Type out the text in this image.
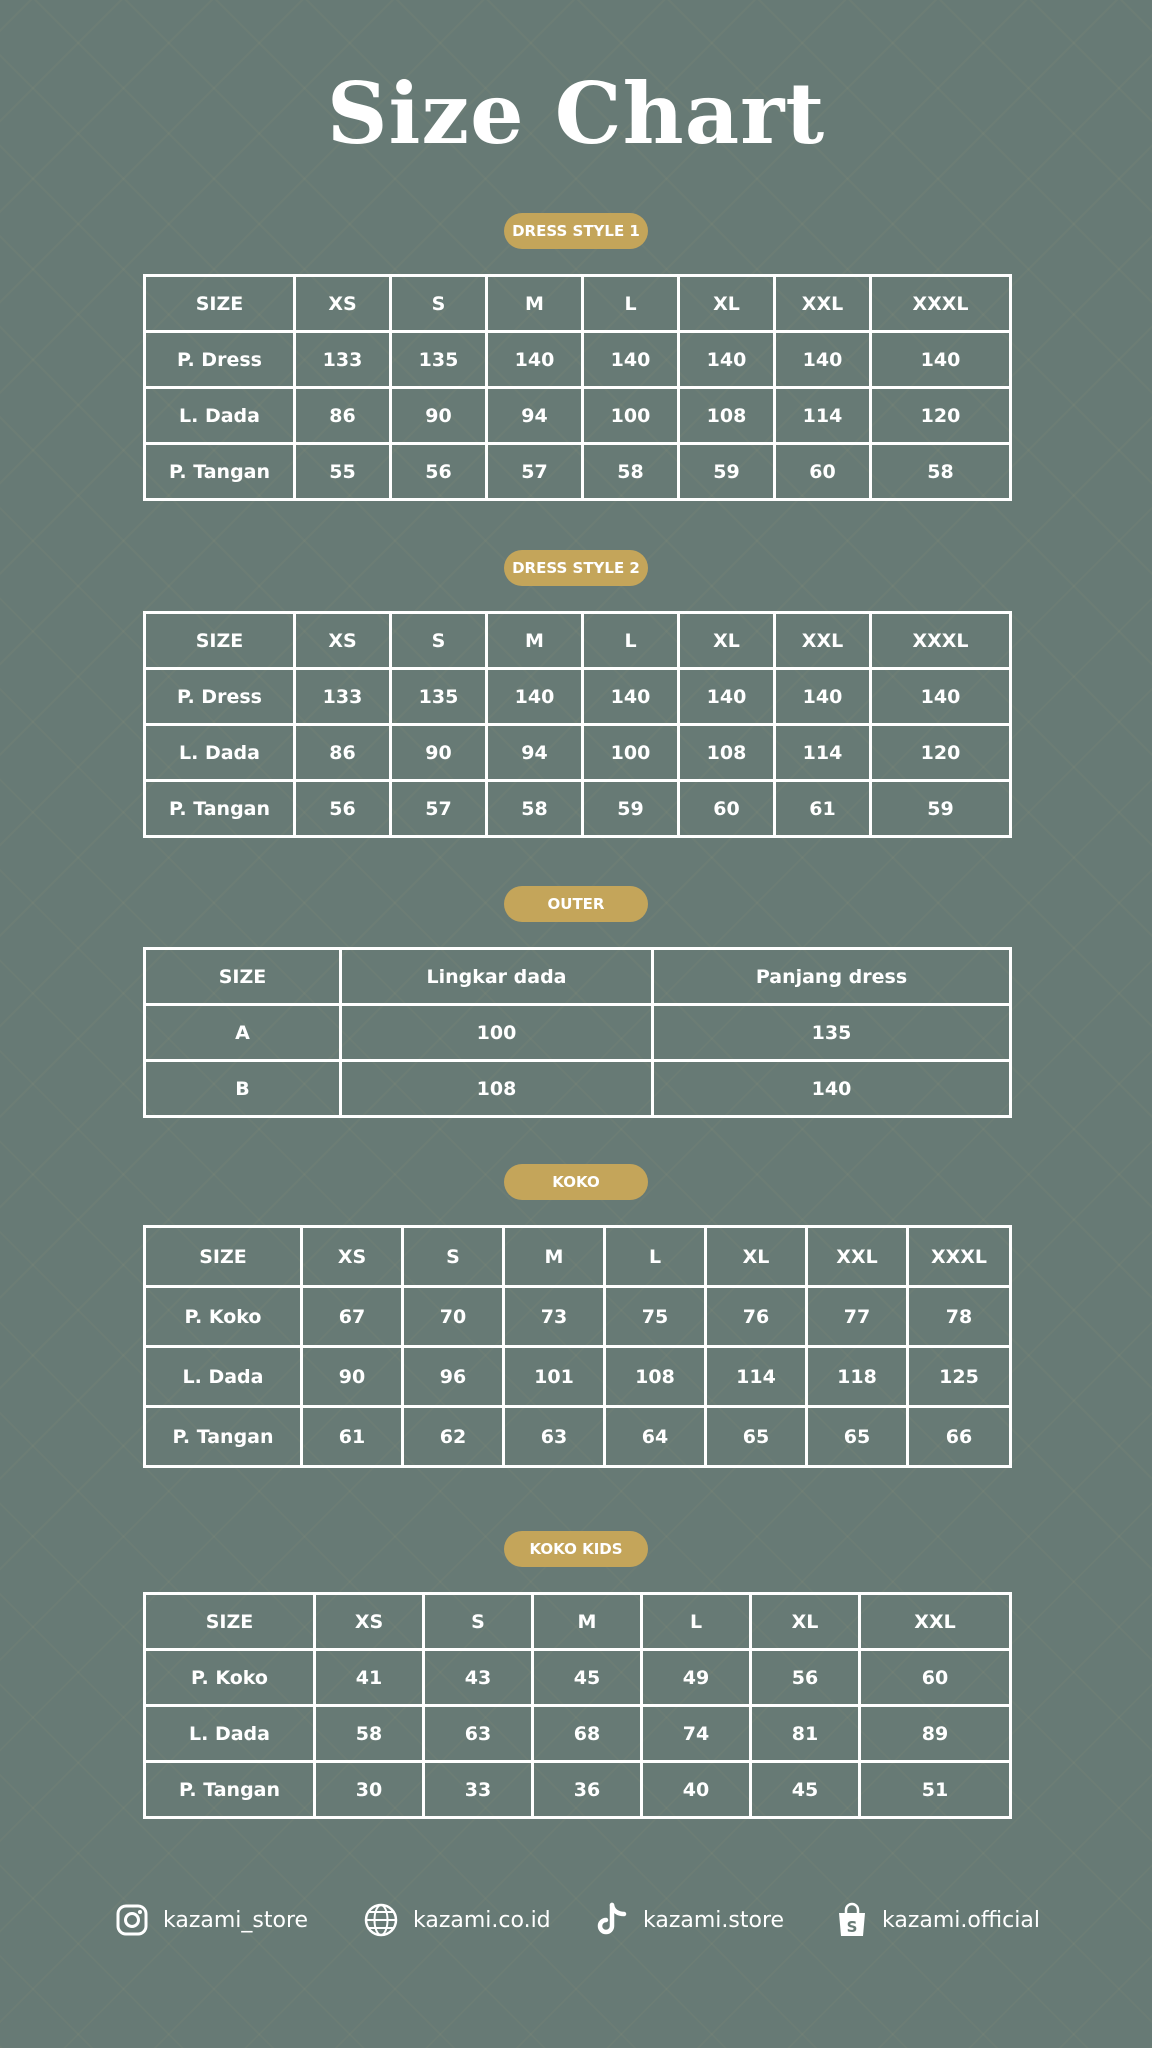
Size Chart
DRESS STYLE 1
SIZE	XS	S	M	L	XL	XXL	XXXL
P. Dress	133	135	140	140	140	140	140
L. Dada	86	90	94	100	108	114	120
P. Tangan	55	56	57	58	59	60	58
DRESS STYLE 2
SIZE	XS	S	M	L	XL	XXL	XXXL
P. Dress	133	135	140	140	140	140	140
L. Dada	86	90	94	100	108	114	120
P. Tangan	56	57	58	59	60	61	59
OUTER
SIZE	Lingkar dada	Panjang dress
A	100	135
B	108	140
KOKO
SIZE	XS	S	M	L	XL	XXL	XXXL
P. Koko	67	70	73	75	76	77	78
L. Dada	90	96	101	108	114	118	125
P. Tangan	61	62	63	64	65	65	66
KOKO KIDS
SIZE	XS	S	M	L	XL	XXL
P. Koko	41	43	45	49	56	60
L. Dada	58	63	68	74	81	89
P. Tangan	30	33	36	40	45	51
kazami_store	kazami.co.id	kazami.store	S kazami.official
